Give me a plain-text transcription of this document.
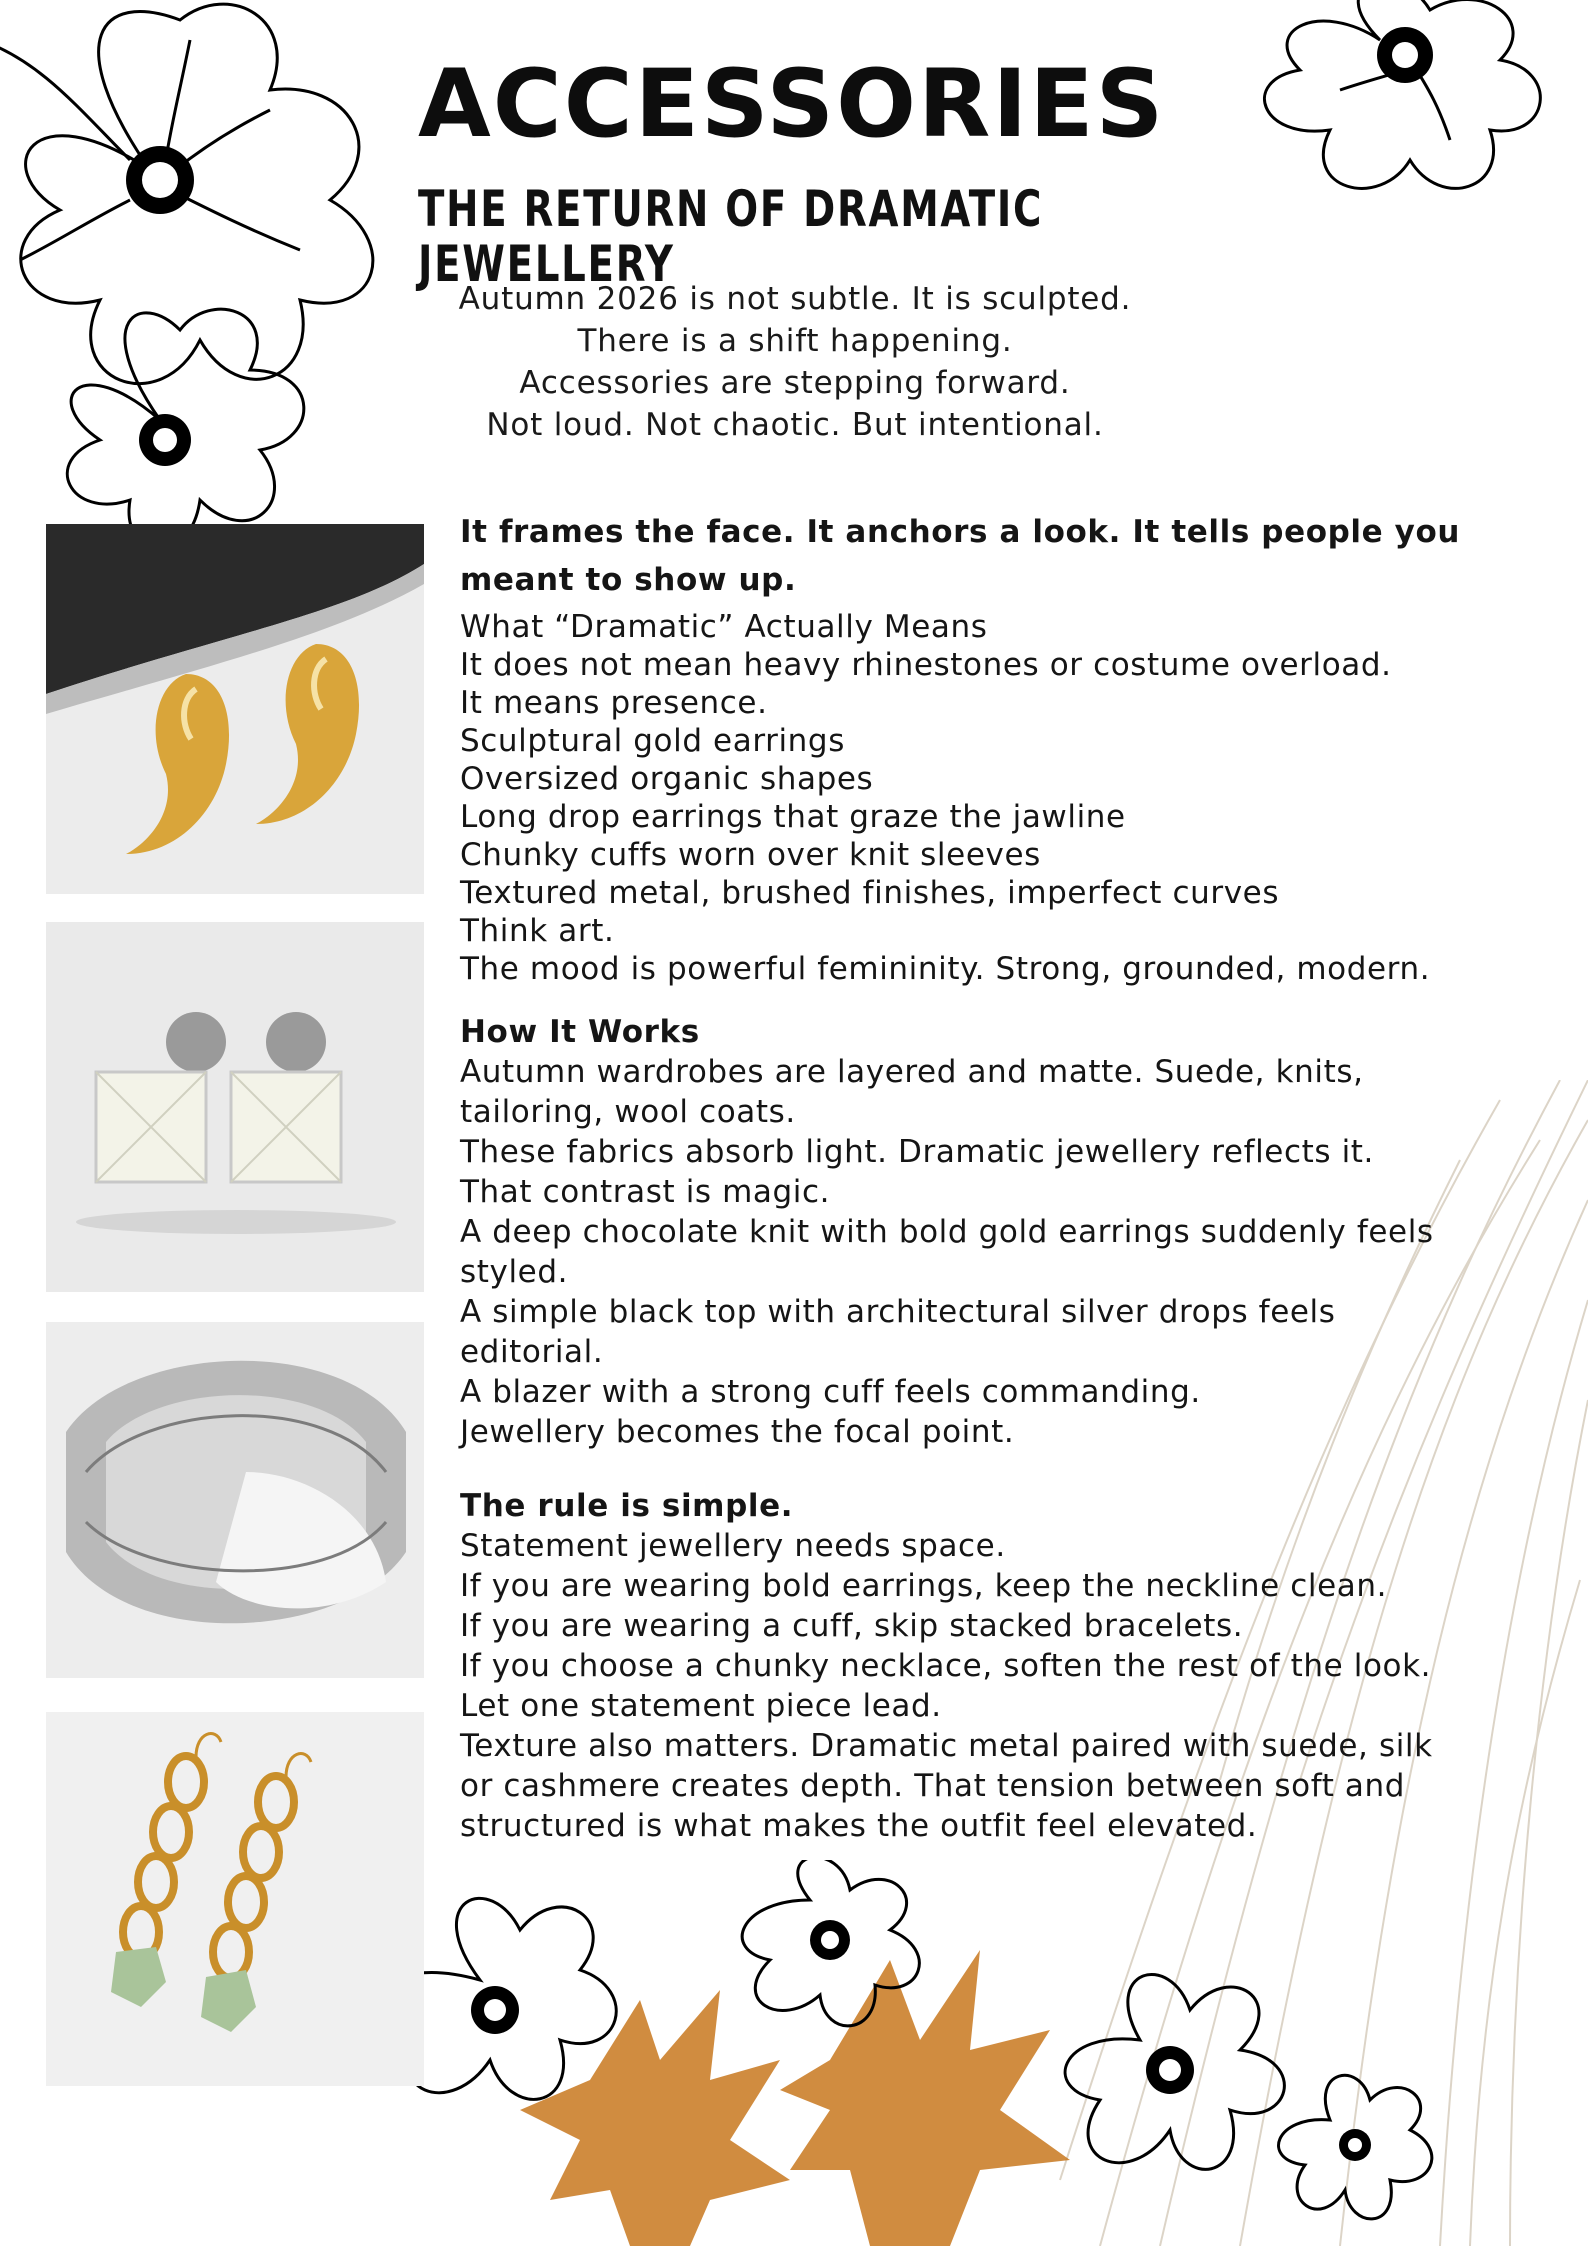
ACCESSORIES
THE RETURN OF DRAMATIC JEWELLERY
Autumn 2026 is not subtle. It is sculpted.
There is a shift happening.
Accessories are stepping forward.
Not loud. Not chaotic. But intentional.
It frames the face. It anchors a look. It tells people you
meant to show up.
What “Dramatic” Actually Means
It does not mean heavy rhinestones or costume overload.
It means presence.
Sculptural gold earrings
Oversized organic shapes
Long drop earrings that graze the jawline
Chunky cuffs worn over knit sleeves
Textured metal, brushed finishes, imperfect curves
Think art.
The mood is powerful femininity. Strong, grounded, modern.
How It Works
Autumn wardrobes are layered and matte. Suede, knits,
tailoring, wool coats.
These fabrics absorb light. Dramatic jewellery reflects it.
That contrast is magic.
A deep chocolate knit with bold gold earrings suddenly feels
styled.
A simple black top with architectural silver drops feels
editorial.
A blazer with a strong cuff feels commanding.
Jewellery becomes the focal point.
The rule is simple.
Statement jewellery needs space.
If you are wearing bold earrings, keep the neckline clean.
If you are wearing a cuff, skip stacked bracelets.
If you choose a chunky necklace, soften the rest of the look.
Let one statement piece lead.
Texture also matters. Dramatic metal paired with suede, silk
or cashmere creates depth. That tension between soft and
structured is what makes the outfit feel elevated.
